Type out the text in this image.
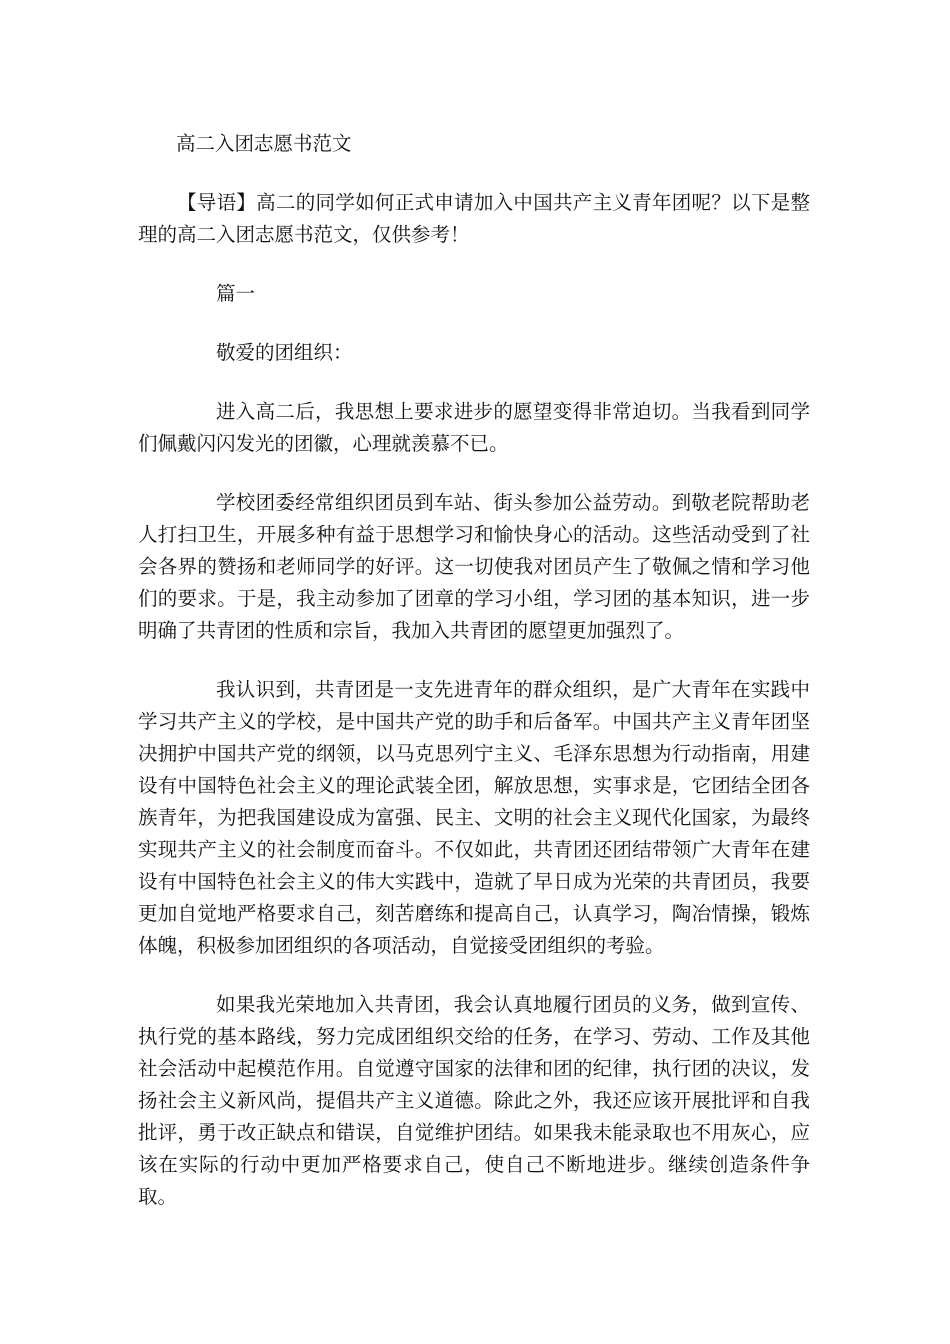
高二入团志愿书范文

【导语】高二的同学如何正式申请加入中国共产主义青年团呢？以下是整理的高二入团志愿书范文，仅供参考！

篇一

敬爱的团组织：

进入高二后，我思想上要求进步的愿望变得非常迫切。当我看到同学们佩戴闪闪发光的团徽，心理就羡慕不已。

学校团委经常组织团员到车站、街头参加公益劳动。到敬老院帮助老人打扫卫生，开展多种有益于思想学习和愉快身心的活动。这些活动受到了社会各界的赞扬和老师同学的好评。这一切使我对团员产生了敬佩之情和学习他们的要求。于是，我主动参加了团章的学习小组，学习团的基本知识，进一步明确了共青团的性质和宗旨，我加入共青团的愿望更加强烈了。

我认识到，共青团是一支先进青年的群众组织，是广大青年在实践中学习共产主义的学校，是中国共产党的助手和后备军。中国共产主义青年团坚决拥护中国共产党的纲领，以马克思列宁主义、毛泽东思想为行动指南，用建设有中国特色社会主义的理论武装全团，解放思想，实事求是，它团结全团各族青年，为把我国建设成为富强、民主、文明的社会主义现代化国家，为最终实现共产主义的社会制度而奋斗。不仅如此，共青团还团结带领广大青年在建设有中国特色社会主义的伟大实践中，造就了早日成为光荣的共青团员，我要更加自觉地严格要求自己，刻苦磨练和提高自己，认真学习，陶冶情操，锻炼体魄，积极参加团组织的各项活动，自觉接受团组织的考验。

如果我光荣地加入共青团，我会认真地履行团员的义务，做到宣传、执行党的基本路线，努力完成团组织交给的任务，在学习、劳动、工作及其他社会活动中起模范作用。自觉遵守国家的法律和团的纪律，执行团的决议，发扬社会主义新风尚，提倡共产主义道德。除此之外，我还应该开展批评和自我批评，勇于改正缺点和错误，自觉维护团结。如果我未能录取也不用灰心，应该在实际的行动中更加严格要求自己，使自己不断地进步。继续创造条件争取。
